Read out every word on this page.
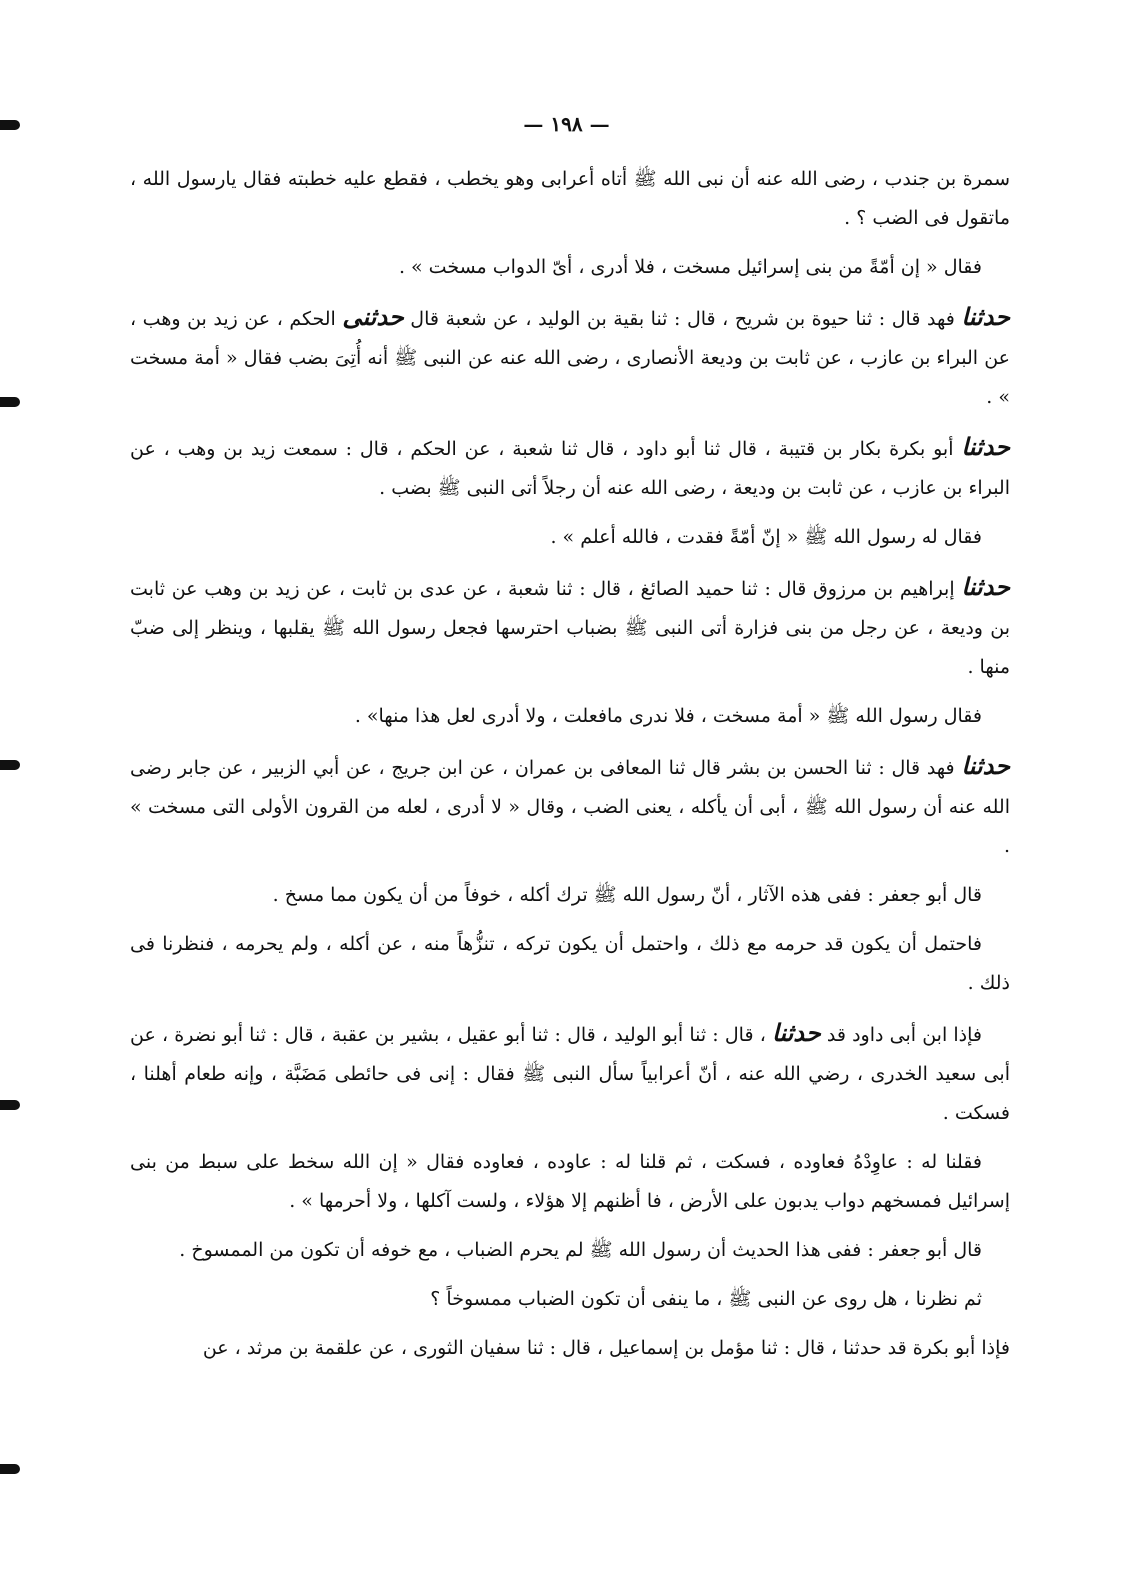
— ١٩٨ —

سمرة بن جندب ، رضى الله عنه أن نبى الله ﷺ أتاه أعرابى وهو يخطب ، فقطع عليه خطبته فقال يارسول الله ، ماتقول فى الضب ؟ .

فقال « إن أمّةً من بنى إسرائيل مسخت ، فلا أدرى ، أىّ الدواب مسخت » .

حدثنا فهد قال : ثنا حيوة بن شريح ، قال : ثنا بقية بن الوليد ، عن شعبة قال حدثنى الحكم ، عن زيد بن وهب ، عن البراء بن عازب ، عن ثابت بن وديعة الأنصارى ، رضى الله عنه عن النبى ﷺ أنه أُتِىَ بضب فقال « أمة مسخت » .

حدثنا أبو بكرة بكار بن قتيبة ، قال ثنا أبو داود ، قال ثنا شعبة ، عن الحكم ، قال : سمعت زيد بن وهب ، عن البراء بن عازب ، عن ثابت بن وديعة ، رضى الله عنه أن رجلاً أتى النبى ﷺ بضب .

فقال له رسول الله ﷺ « إنّ أمّةً فقدت ، فالله أعلم » .

حدثنا إبراهيم بن مرزوق قال : ثنا حميد الصائغ ، قال : ثنا شعبة ، عن عدى بن ثابت ، عن زيد بن وهب عن ثابت بن وديعة ، عن رجل من بنى فزارة أتى النبى ﷺ بضباب احترسها فجعل رسول الله ﷺ يقلبها ، وينظر إلى ضبّ منها .

فقال رسول الله ﷺ « أمة مسخت ، فلا ندرى مافعلت ، ولا أدرى لعل هذا منها» .

حدثنا فهد قال : ثنا الحسن بن بشر قال ثنا المعافى بن عمران ، عن ابن جريج ، عن أبي الزبير ، عن جابر رضى الله عنه أن رسول الله ﷺ ، أبى أن يأكله ، يعنى الضب ، وقال « لا أدرى ، لعله من القرون الأولى التى مسخت » .

قال أبو جعفر : ففى هذه الآثار ، أنّ رسول الله ﷺ ترك أكله ، خوفاً من أن يكون مما مسخ .

فاحتمل أن يكون قد حرمه مع ذلك ، واحتمل أن يكون تركه ، تنزُّهاً منه ، عن أكله ، ولم يحرمه ، فنظرنا فى ذلك .

فإذا ابن أبى داود قد حدثنا ، قال : ثنا أبو الوليد ، قال : ثنا أبو عقيل ، بشير بن عقبة ، قال : ثنا أبو نضرة ، عن أبى سعيد الخدرى ، رضي الله عنه ، أنّ أعرابياً سأل النبى ﷺ فقال : إنى فى حائطى مَضَبَّة ، وإنه طعام أهلنا ، فسكت .

فقلنا له : عاوِدْهُ فعاوده ، فسكت ، ثم قلنا له : عاوده ، فعاوده فقال « إن الله سخط على سبط من بنى إسرائيل فمسخهم دواب يدبون على الأرض ، فا أظنهم إلا هؤلاء ، ولست آكلها ، ولا أحرمها » .

قال أبو جعفر : ففى هذا الحديث أن رسول الله ﷺ لم يحرم الضباب ، مع خوفه أن تكون من الممسوخ .

ثم نظرنا ، هل روى عن النبى ﷺ ، ما ينفى أن تكون الضباب ممسوخاً ؟

فإذا أبو بكرة قد حدثنا ، قال : ثنا مؤمل بن إسماعيل ، قال : ثنا سفيان الثورى ، عن علقمة بن مرثد ، عن
